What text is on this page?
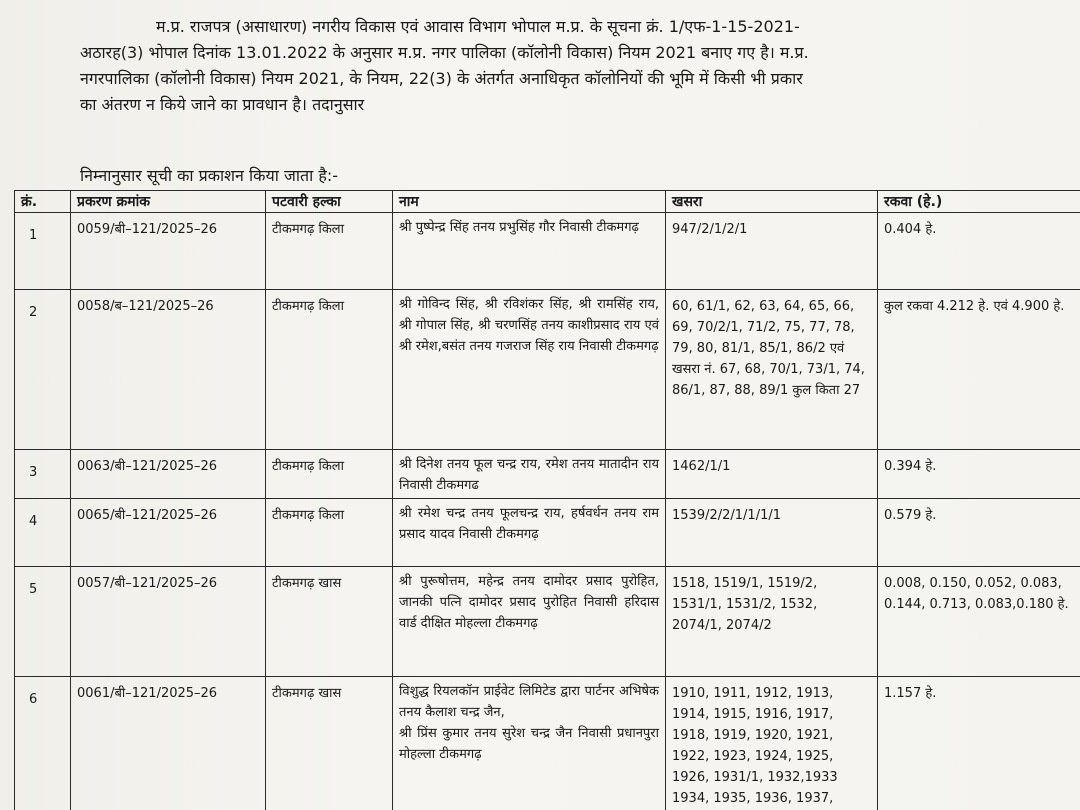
म.प्र. राजपत्र (असाधारण) नगरीय विकास एवं आवास विभाग भोपाल म.प्र. के सूचना क्रं. 1/एफ-1-15-2021-
अठारह(3) भोपाल दिनांक 13.01.2022 के अनुसार म.प्र. नगर पालिका (कॉलोनी विकास) नियम 2021 बनाए गए है। म.प्र.
नगरपालिका (कॉलोनी विकास) नियम 2021, के नियम, 22(3) के अंतर्गत अनाधिकृत कॉलोनियों की भूमि में किसी भी प्रकार
का अंतरण न किये जाने का प्रावधान है। तदानुसार

निम्नानुसार सूची का प्रकाशन किया जाता है:-

क्रं.	प्रकरण क्रमांक	पटवारी हल्का	नाम	खसरा	रकवा (हे.)
1	0059/बी–121/2025–26	टीकमगढ़ किला	श्री पुष्पेन्द्र सिंह तनय प्रभुसिंह गौर निवासी टीकमगढ़	947/2/1/2/1	0.404 हे.
2	0058/ब–121/2025–26	टीकमगढ़ किला	श्री गोविन्द सिंह, श्री रविशंकर सिंह, श्री रामसिंह राय, श्री गोपाल सिंह, श्री चरणसिंह तनय काशीप्रसाद राय एवं श्री रमेश,बसंत तनय गजराज सिंह राय निवासी टीकमगढ़	60, 61/1, 62, 63, 64, 65, 66, 69, 70/2/1, 71/2, 75, 77, 78, 79, 80, 81/1, 85/1, 86/2 एवं खसरा नं. 67, 68, 70/1, 73/1, 74, 86/1, 87, 88, 89/1 कुल किता 27	कुल रकवा 4.212 हे. एवं 4.900 हे.
3	0063/बी–121/2025–26	टीकमगढ़ किला	श्री दिनेश तनय फूल चन्द्र राय, रमेश तनय मातादीन राय निवासी टीकमगढ	1462/1/1	0.394 हे.
4	0065/बी–121/2025–26	टीकमगढ़ किला	श्री रमेश चन्द्र तनय फूलचन्द्र राय, हर्षवर्धन तनय राम प्रसाद यादव निवासी टीकमगढ़	1539/2/2/1/1/1/1	0.579 हे.
5	0057/बी–121/2025–26	टीकमगढ़ खास	श्री पुरूषोत्तम, महेन्द्र तनय दामोदर प्रसाद पुरोहित, जानकी पत्नि दामोदर प्रसाद पुरोहित निवासी हरिदास वार्ड दीक्षित मोहल्ला टीकमगढ़	1518, 1519/1, 1519/2, 1531/1, 1531/2, 1532, 2074/1, 2074/2	0.008, 0.150, 0.052, 0.083, 0.144, 0.713, 0.083,0.180 हे.
6	0061/बी–121/2025–26	टीकमगढ़ खास	विशुद्ध रियलकॉन प्राईवेट लिमिटेड द्वारा पार्टनर अभिषेक तनय कैलाश चन्द्र जैन,
श्री प्रिंस कुमार तनय सुरेश चन्द्र जैन निवासी प्रधानपुरा मोहल्ला टीकमगढ़	1910, 1911, 1912, 1913, 1914, 1915, 1916, 1917, 1918, 1919, 1920, 1921, 1922, 1923, 1924, 1925, 1926, 1931/1, 1932,1933 1934, 1935, 1936, 1937,	1.157 हे.
